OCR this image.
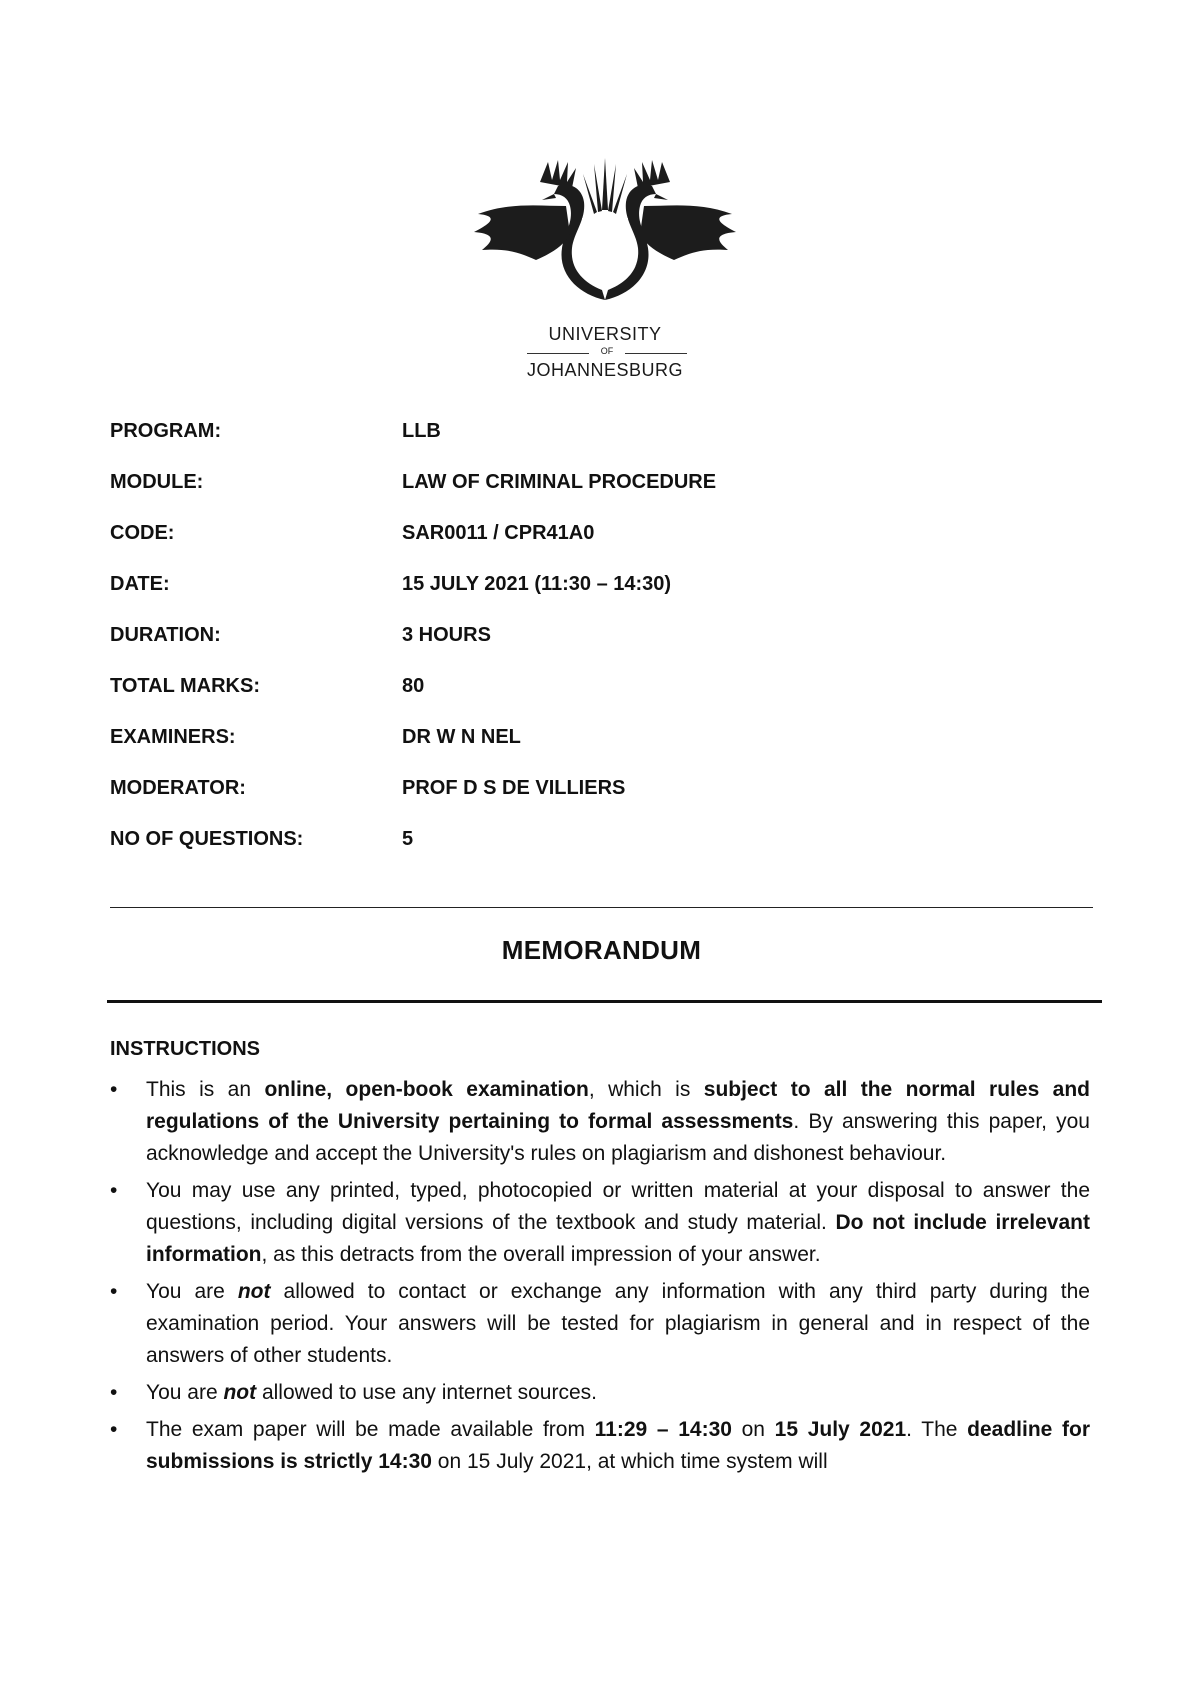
UNIVERSITY
OF
JOHANNESBURG
PROGRAM:	LLB
MODULE:	LAW OF CRIMINAL PROCEDURE
CODE:	SAR0011 / CPR41A0
DATE:	15 JULY 2021 (11:30 – 14:30)
DURATION:	3 HOURS
TOTAL MARKS:	80
EXAMINERS:	DR W N NEL
MODERATOR:	PROF D S DE VILLIERS
NO OF QUESTIONS:	5
MEMORANDUM
INSTRUCTIONS
• This is an online, open-book examination, which is subject to all the normal rules and regulations of the University pertaining to formal assessments. By answering this paper, you acknowledge and accept the University's rules on plagiarism and dishonest behaviour.
• You may use any printed, typed, photocopied or written material at your disposal to answer the questions, including digital versions of the textbook and study material. Do not include irrelevant information, as this detracts from the overall impression of your answer.
• You are not allowed to contact or exchange any information with any third party during the examination period. Your answers will be tested for plagiarism in general and in respect of the answers of other students.
• You are not allowed to use any internet sources.
• The exam paper will be made available from 11:29 – 14:30 on 15 July 2021. The deadline for submissions is strictly 14:30 on 15 July 2021, at which time system will
